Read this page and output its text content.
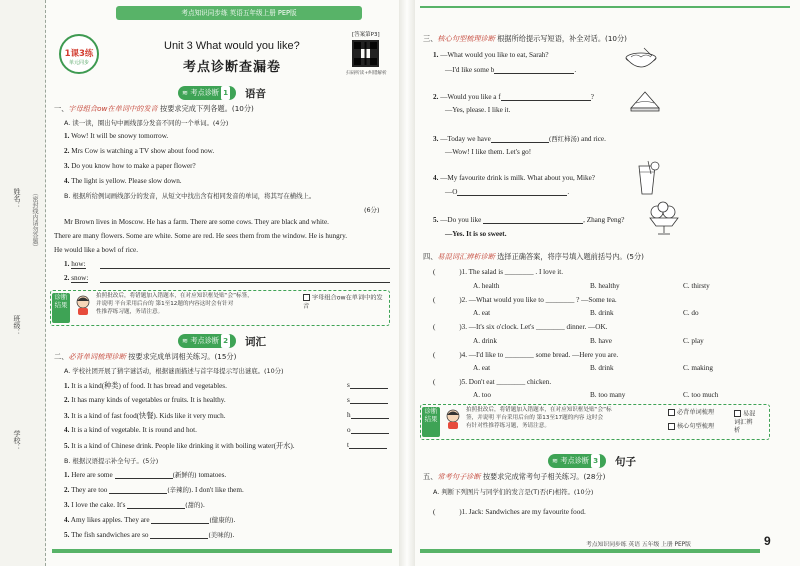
姓名： （密封线内请勿答题）
班级：
学校：
考点知识同步练 英语五年级上册 PEP版
1课3练
单元同步
Unit 3 What would you like?
考点诊断查漏卷
[答案第P3]
扫码听读+纠错解析
≋ 考点诊断 1	语音
一、字母组合ow在单词中的发音 按要求完成下列各题。(10分)
A. 读一读，圈出句中画线部分发音不同的一个单词。(4分)
1. Wow! It will be snowy tomorrow.
2. Mrs Cow is watching a TV show about food now.
3. Do you know how to make a paper flower?
4. The light is yellow. Please slow down.
B. 根据所给例词画线部分的发音，从短文中找出含有相同发音的单词，将其写在横线上。
(6分)
Mr Brown lives in Moscow. He has a farm. There are some cows. They are black and white.
There are many flowers. Some are white. Some are red. He sees them from the window. He is hungry.
He would like a bowl of rice.
1. how:
2. snow:
诊断结果
拍照批改后，将错题加入错题本，在对应知识框处贴“会”标签，
并说明 平台采用后台的 第1至12题的内容这时会有针对
性推荐练习题，务请注意。
字母组合ow在单词中的发音
≋ 考点诊断 2	词汇
二、必背单词梳理诊断 按要求完成单词相关练习。(15分)
A. 学校社团开展了猜字谜活动，根据谜面描述与首字母提示写出谜底。(10分)
1. It is a kind(种类) of food. It has bread and vegetables.	s
2. It has many kinds of vegetables or fruits. It is healthy.	s
3. It is a kind of fast food(快餐). Kids like it very much.	h
4. It is a kind of vegetable. It is round and hot.	o
5. It is a kind of Chinese drink. People like drinking it with boiling water(开水).	t
B. 根据汉语提示补全句子。(5分)
1. Here are some	(新鲜的) tomatoes.
2. They are too	(辛辣的). I don't like them.
3. I love the cake. It's	(甜的).
4. Amy likes apples. They are	(健康的).
5. The fish sandwiches are so	(美味的).
三、核心句型梳理诊断 根据所给提示写短语，补全对话。(10分)
1. —What would you like to eat, Sarah?
—I'd like some b	.
2. —Would you like a f	?
—Yes, please. I like it.
3. —Today we have	(西红柿汤) and rice.
—Wow! I like them. Let's go!
4. —My favourite drink is milk. What about you, Mike?
—O	.
5. —Do you like	, Zhang Peng?
—Yes. It is so sweet.
四、易混词汇辨析诊断 选择正确答案，将序号填入题前括号内。(5分)
(	)1. The salad is ________ . I love it.
A. health	B. healthy	C. thirsty
(	)2. —What would you like to ________ ? —Some tea.
A. eat	B. drink	C. do
(	)3. —It's six o'clock. Let's ________ dinner. —OK.
A. drink	B. have	C. play
(	)4. —I'd like to ________ some bread. —Here you are.
A. eat	B. drink	C. making
(	)5. Don't eat ________ chicken.
A. too	B. too many	C. too much
诊断结果
拍照批改后，将错题加入错题本，在对应知识框处贴“会”标
签，并说明 平台采用后台的 第13至17题的内容 这时会
有针对性推荐练习题，务请注意。
必背单词梳理
核心句型梳理
易混词汇辨析
≋ 考点诊断 3	句子
五、常考句子诊断 按要求完成常考句子相关练习。(28分)
A. 判断下列图片与同学们的发言是(T)否(F)相符。(10分)
(	)1. Jack: Sandwiches are my favourite food.
考点知识同步练 英语 五年级 上册 PEP版	9
